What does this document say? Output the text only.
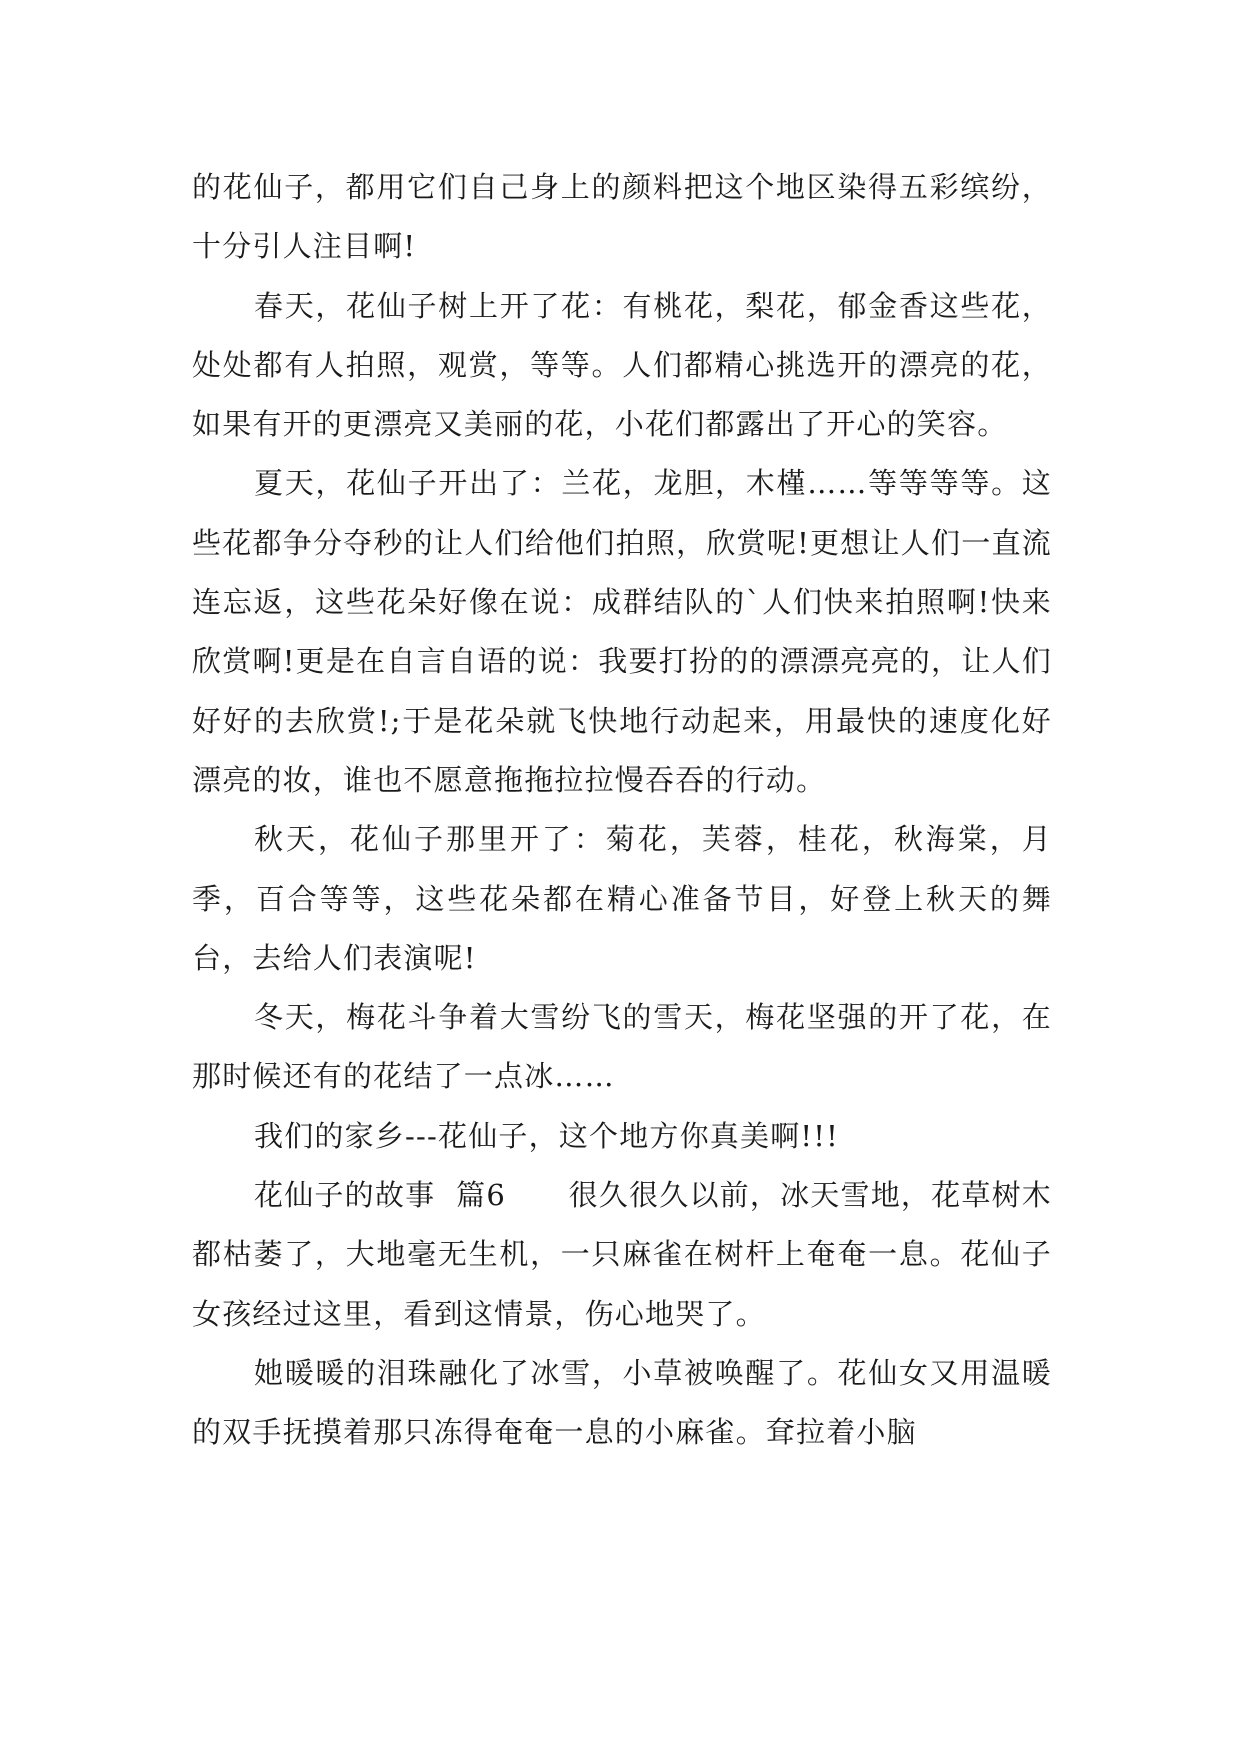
的花仙子，都用它们自己身上的颜料把这个地区染得五彩缤纷，十分引人注目啊!

春天，花仙子树上开了花：有桃花，梨花，郁金香这些花，处处都有人拍照，观赏，等等。人们都精心挑选开的漂亮的花，如果有开的更漂亮又美丽的花，小花们都露出了开心的笑容。

夏天，花仙子开出了：兰花，龙胆，木槿……等等等等。这些花都争分夺秒的让人们给他们拍照，欣赏呢!更想让人们一直流连忘返，这些花朵好像在说：成群结队的`人们快来拍照啊!快来欣赏啊!更是在自言自语的说：我要打扮的的漂漂亮亮的，让人们好好的去欣赏!;于是花朵就飞快地行动起来，用最快的速度化好漂亮的妆，谁也不愿意拖拖拉拉慢吞吞的行动。

秋天，花仙子那里开了：菊花，芙蓉，桂花，秋海棠，月季，百合等等，这些花朵都在精心准备节目，好登上秋天的舞台，去给人们表演呢!

冬天，梅花斗争着大雪纷飞的雪天，梅花坚强的开了花，在那时候还有的花结了一点冰……

我们的家乡---花仙子，这个地方你真美啊!!!

花仙子的故事  篇6      很久很久以前，冰天雪地，花草树木都枯萎了，大地毫无生机，一只麻雀在树杆上奄奄一息。花仙子女孩经过这里，看到这情景，伤心地哭了。

她暖暖的泪珠融化了冰雪，小草被唤醒了。花仙女又用温暖的双手抚摸着那只冻得奄奄一息的小麻雀。耷拉着小脑
